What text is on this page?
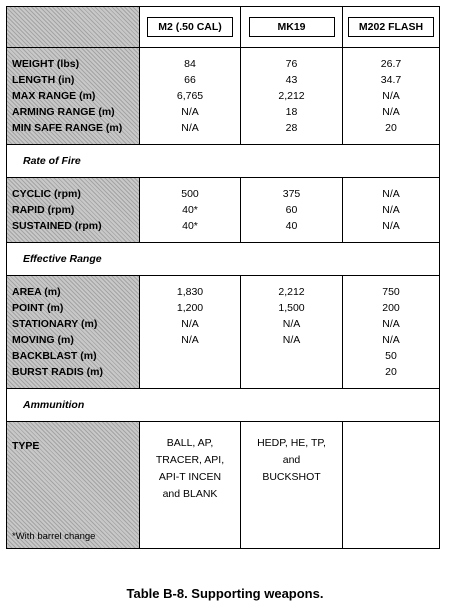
M2 (.50 CAL)	MK19	M202 FLASH
WEIGHT (lbs)
LENGTH (in)
MAX RANGE (m)
ARMING RANGE (m)
MIN SAFE RANGE (m)
84
66
6,765
N/A
N/A
76
43
2,212
18
28
26.7
34.7
N/A
N/A
20
Rate of Fire
CYCLIC (rpm)
RAPID (rpm)
SUSTAINED (rpm)
500
40*
40*
375
60
40
N/A
N/A
N/A
Effective Range
AREA (m)
POINT (m)
STATIONARY (m)
MOVING (m)
BACKBLAST (m)
BURST RADIS (m)
1,830
1,200
N/A
N/A
2,212
1,500
N/A
N/A
750
200
N/A
N/A
50
20
Ammunition
TYPE
*With barrel change
BALL, AP,
TRACER, API,
API-T INCEN
and BLANK
HEDP, HE, TP,
and
BUCKSHOT
Table B-8. Supporting weapons.
